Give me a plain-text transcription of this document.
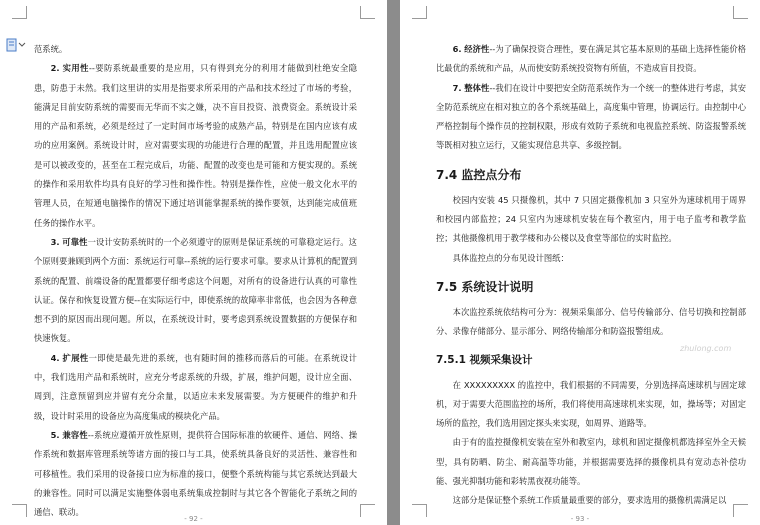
范系统。

2. 实用性--要防系统最重要的是应用，只有得到充分的利用才能做到杜绝安全隐患，防患于未然。我们这里讲的实用是指要求所采用的产品和技术经过了市场的考验，能满足目前安防系统的需要而无华而不实之嫌，决不盲目投资、浪费资金。系统设计采用的产品和系统，必须是经过了一定时间市场考验的成熟产品，特别是在国内应该有成功的应用案例。系统设计时，应对需要实现的功能进行合理的配置，并且选用配置应该是可以被改变的，甚至在工程完成后，功能、配置的改变也是可能和方便实现的。系统的操作和采用软件均具有良好的学习性和操作性。特别是操作性，应使一般文化水平的管理人员，在短通电脑操作的情况下通过培训能掌握系统的操作要领，达到能完成值班任务的操作水平。

3. 可靠性一设计安防系统时的一个必须遵守的原则是保证系统的可靠稳定运行。这个原则要兼顾到两个方面：系统运行可靠--系统的运行要求可靠。要求从计算机的配置到系统的配置、前端设备的配置都要仔细考虑这个问题，对所有的设备进行认真的可靠性认证。保存和恢复设置方便--在实际运行中，即使系统的故障率非常低，也会因为各种意想不到的原因而出现问题。所以，在系统设计时，要考虑到系统设置数据的方便保存和快速恢复。

4. 扩展性一即使是最先进的系统，也有随时间的推移而落后的可能。在系统设计中，我们选用产品和系统时，应充分考虑系统的升级，扩展，维护问题，设计应全面、周到，注意预留到应并留有充分余量，以适应未来发展需要。为方便硬件的维护和升级，设计时采用的设备应为高度集成的模块化产品。

5. 兼容性--系统应遵循开放性原则，提供符合国际标准的软硬件、通信、网络、操作系统和数据库管理系统等诸方面的接口与工具，使系统具备良好的灵活性、兼容性和可移植性。我们采用的设备接口应为标准的接口，便整个系统构能与其它系统达到最大的兼容性。同时可以满足实施整体弱电系统集成控制时与其它各个智能化子系统之间的通信、联动。

- 92 -

6. 经济性--为了确保投资合理性，要在满足其它基本原则的基础上选择性能价格比最优的系统和产品，从而使安防系统投资物有所值，不造成盲目投资。

7. 整体性--我们在设计中要把安全防范系统作为一个统一的整体进行考虑，其安全防范系统应在相对独立的各个系统基础上，高度集中管理，协调运行。由控制中心严格控制每个操作员的控制权限，形成有效防子系统和电视监控系统、防盗报警系统等既相对独立运行，又能实现信息共享、多级控制。

7.4 监控点分布

校园内安装 45 只摄像机，其中 7 只固定摄像机加 3 只室外为速球机用于周界和校园内部监控；24 只室内为速球机安装在每个教室内，用于电子监考和教学监控；其他摄像机用于教学楼和办公楼以及食堂等部位的实时监控。

具体监控点的分布见设计图纸：

7.5 系统设计说明

本次监控系统依结构可分为：视频采集部分、信号传输部分、信号切换和控制部分、录像存储部分、显示部分、网络传输部分和防盗报警组成。

7.5.1 视频采集设计

在 XXXXXXXXX 的监控中，我们根据的不同需要，分别选择高速球机与固定球机，对于需要大范围监控的场所，我们将使用高速球机来实现，如，操场等；对固定场所的监控，我们选用固定探头来实现，如周界、道路等。

由于有的监控摄像机安装在室外和教室内，球机和固定摄像机都选择室外全天候型，具有防晒、防尘、耐高温等功能，并根据需要选择的摄像机具有宽动态补偿功能、强光抑制功能和彩转黑夜视功能等。

这部分是保证整个系统工作质量最重要的部分，要求选用的摄像机需满足以

- 93 -
zhulong.com
